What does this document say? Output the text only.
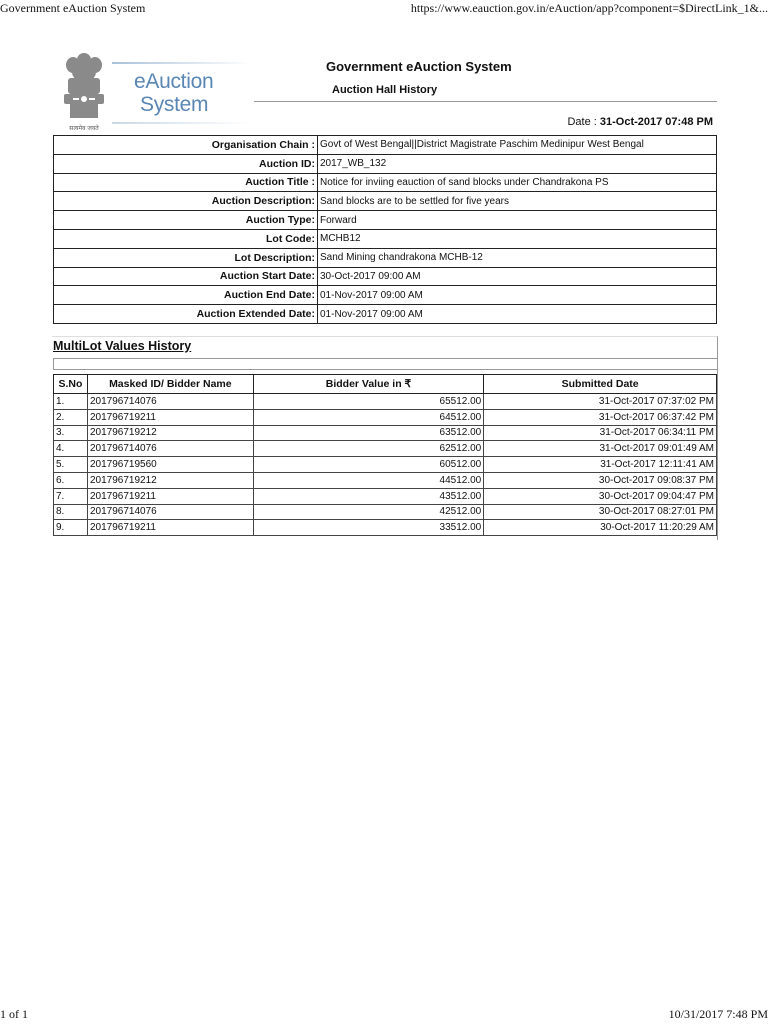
Government eAuction System	https://www.eauction.gov.in/eAuction/app?component=$DirectLink_1&...
सत्यमेव जयते
eAuction
System
Government eAuction System
Auction Hall History
Date : 31-Oct-2017 07:48 PM
Organisation Chain :	Govt of West Bengal||District Magistrate Paschim Medinipur West Bengal
Auction ID:	2017_WB_132
Auction Title :	Notice for inviing eauction of sand blocks under Chandrakona PS
Auction Description:	Sand blocks are to be settled for five years
Auction Type:	Forward
Lot Code:	MCHB12
Lot Description:	Sand Mining chandrakona MCHB-12
Auction Start Date:	30-Oct-2017 09:00 AM
Auction End Date:	01-Nov-2017 09:00 AM
Auction Extended Date:	01-Nov-2017 09:00 AM
MultiLot Values History
S.No	Masked ID/ Bidder Name	Bidder Value in ₹	Submitted Date
1.	201796714076	65512.00	31-Oct-2017 07:37:02 PM
2.	201796719211	64512.00	31-Oct-2017 06:37:42 PM
3.	201796719212	63512.00	31-Oct-2017 06:34:11 PM
4.	201796714076	62512.00	31-Oct-2017 09:01:49 AM
5.	201796719560	60512.00	31-Oct-2017 12:11:41 AM
6.	201796719212	44512.00	30-Oct-2017 09:08:37 PM
7.	201796719211	43512.00	30-Oct-2017 09:04:47 PM
8.	201796714076	42512.00	30-Oct-2017 08:27:01 PM
9.	201796719211	33512.00	30-Oct-2017 11:20:29 AM
1 of 1	10/31/2017 7:48 PM
